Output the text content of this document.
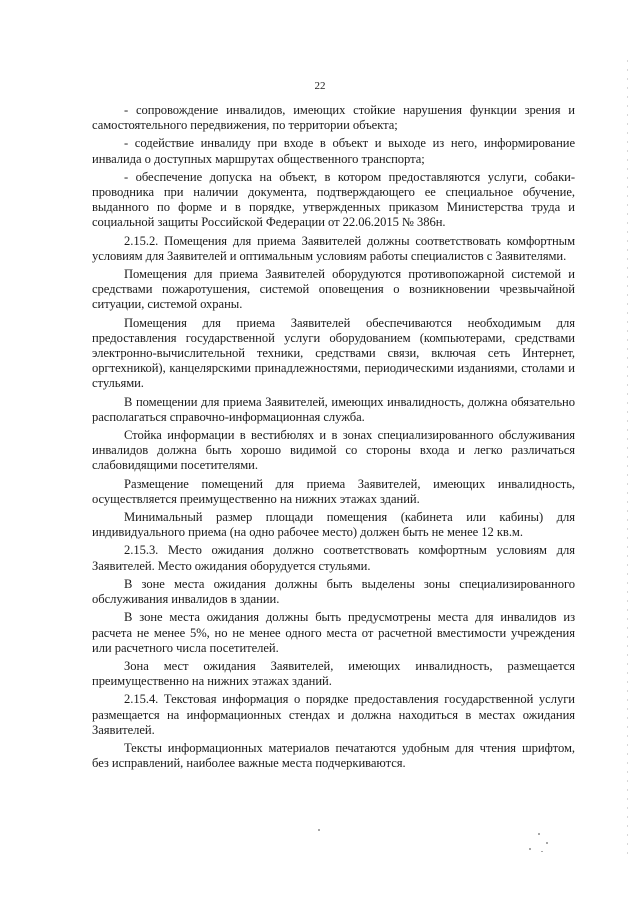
22

- сопровождение инвалидов, имеющих стойкие нарушения функции зрения и самостоятельного передвижения, по территории объекта;

- содействие инвалиду при входе в объект и выходе из него, информирование инвалида о доступных маршрутах общественного транспорта;

- обеспечение допуска на объект, в котором предоставляются услуги, собаки-проводника при наличии документа, подтверждающего ее специальное обучение, выданного по форме и в порядке, утвержденных приказом Министерства труда и социальной защиты Российской Федерации от 22.06.2015 № 386н.

2.15.2. Помещения для приема Заявителей должны соответствовать комфортным условиям для Заявителей и оптимальным условиям работы специалистов с Заявителями.

Помещения для приема Заявителей оборудуются противопожарной системой и средствами пожаротушения, системой оповещения о возникновении чрезвычайной ситуации, системой охраны.

Помещения для приема Заявителей обеспечиваются необходимым для предоставления государственной услуги оборудованием (компьютерами, средствами электронно-вычислительной техники, средствами связи, включая сеть Интернет, оргтехникой), канцелярскими принадлежностями, периодическими изданиями, столами и стульями.

В помещении для приема Заявителей, имеющих инвалидность, должна обязательно располагаться справочно-информационная служба.

Стойка информации в вестибюлях и в зонах специализированного обслуживания инвалидов должна быть хорошо видимой со стороны входа и легко различаться слабовидящими посетителями.

Размещение помещений для приема Заявителей, имеющих инвалидность, осуществляется преимущественно на нижних этажах зданий.

Минимальный размер площади помещения (кабинета или кабины) для индивидуального приема (на одно рабочее место) должен быть не менее 12 кв.м.

2.15.3. Место ожидания должно соответствовать комфортным условиям для Заявителей. Место ожидания оборудуется стульями.

В зоне места ожидания должны быть выделены зоны специализированного обслуживания инвалидов в здании.

В зоне места ожидания должны быть предусмотрены места для инвалидов из расчета не менее 5%, но не менее одного места от расчетной вместимости учреждения или расчетного числа посетителей.

Зона мест ожидания Заявителей, имеющих инвалидность, размещается преимущественно на нижних этажах зданий.

2.15.4. Текстовая информация о порядке предоставления государственной услуги размещается на информационных стендах и должна находиться в местах ожидания Заявителей.

Тексты информационных материалов печатаются удобным для чтения шрифтом, без исправлений, наиболее важные места подчеркиваются.
